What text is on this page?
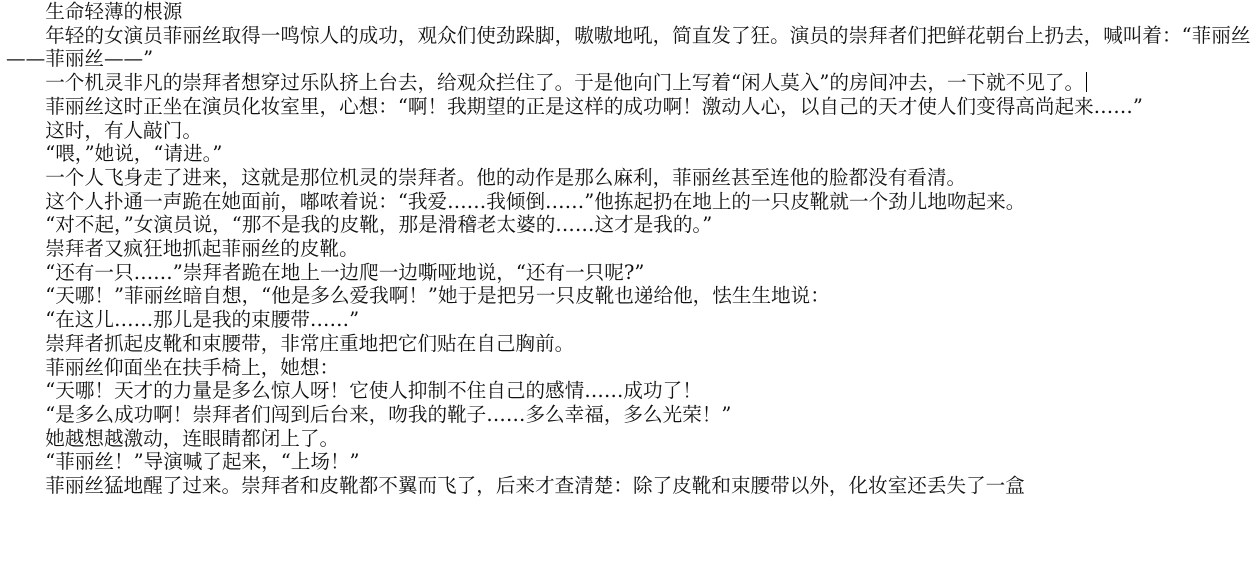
生命轻薄的根源

年轻的女演员菲丽丝取得一鸣惊人的成功，观众们使劲跺脚，嗷嗷地吼，简直发了狂。演员的崇拜者们把鲜花朝台上扔去，喊叫着：“菲丽丝——菲丽丝——”

一个机灵非凡的崇拜者想穿过乐队挤上台去，给观众拦住了。于是他向门上写着“闲人莫入”的房间冲去，一下就不见了。

菲丽丝这时正坐在演员化妆室里，心想：“啊！我期望的正是这样的成功啊！激动人心，以自己的天才使人们变得高尚起来……”

这时，有人敲门。

“喂，”她说，“请进。”

一个人飞身走了进来，这就是那位机灵的崇拜者。他的动作是那么麻利，菲丽丝甚至连他的脸都没有看清。

这个人扑通一声跪在她面前，嘟哝着说：“我爱……我倾倒……”他拣起扔在地上的一只皮靴就一个劲儿地吻起来。

“对不起，”女演员说，“那不是我的皮靴，那是滑稽老太婆的……这才是我的。”

崇拜者又疯狂地抓起菲丽丝的皮靴。

“还有一只……”崇拜者跪在地上一边爬一边嘶哑地说，“还有一只呢?”

“天哪！”菲丽丝暗自想，“他是多么爱我啊！”她于是把另一只皮靴也递给他，怯生生地说：

“在这儿……那儿是我的束腰带……”

崇拜者抓起皮靴和束腰带，非常庄重地把它们贴在自己胸前。

菲丽丝仰面坐在扶手椅上，她想：

“天哪！天才的力量是多么惊人呀！它使人抑制不住自己的感情……成功了！

“是多么成功啊！崇拜者们闯到后台来，吻我的靴子……多么幸福，多么光荣！”

她越想越激动，连眼睛都闭上了。

“菲丽丝！”导演喊了起来，“上场！”

菲丽丝猛地醒了过来。崇拜者和皮靴都不翼而飞了，后来才查清楚：除了皮靴和束腰带以外，化妆室还丢失了一盒
